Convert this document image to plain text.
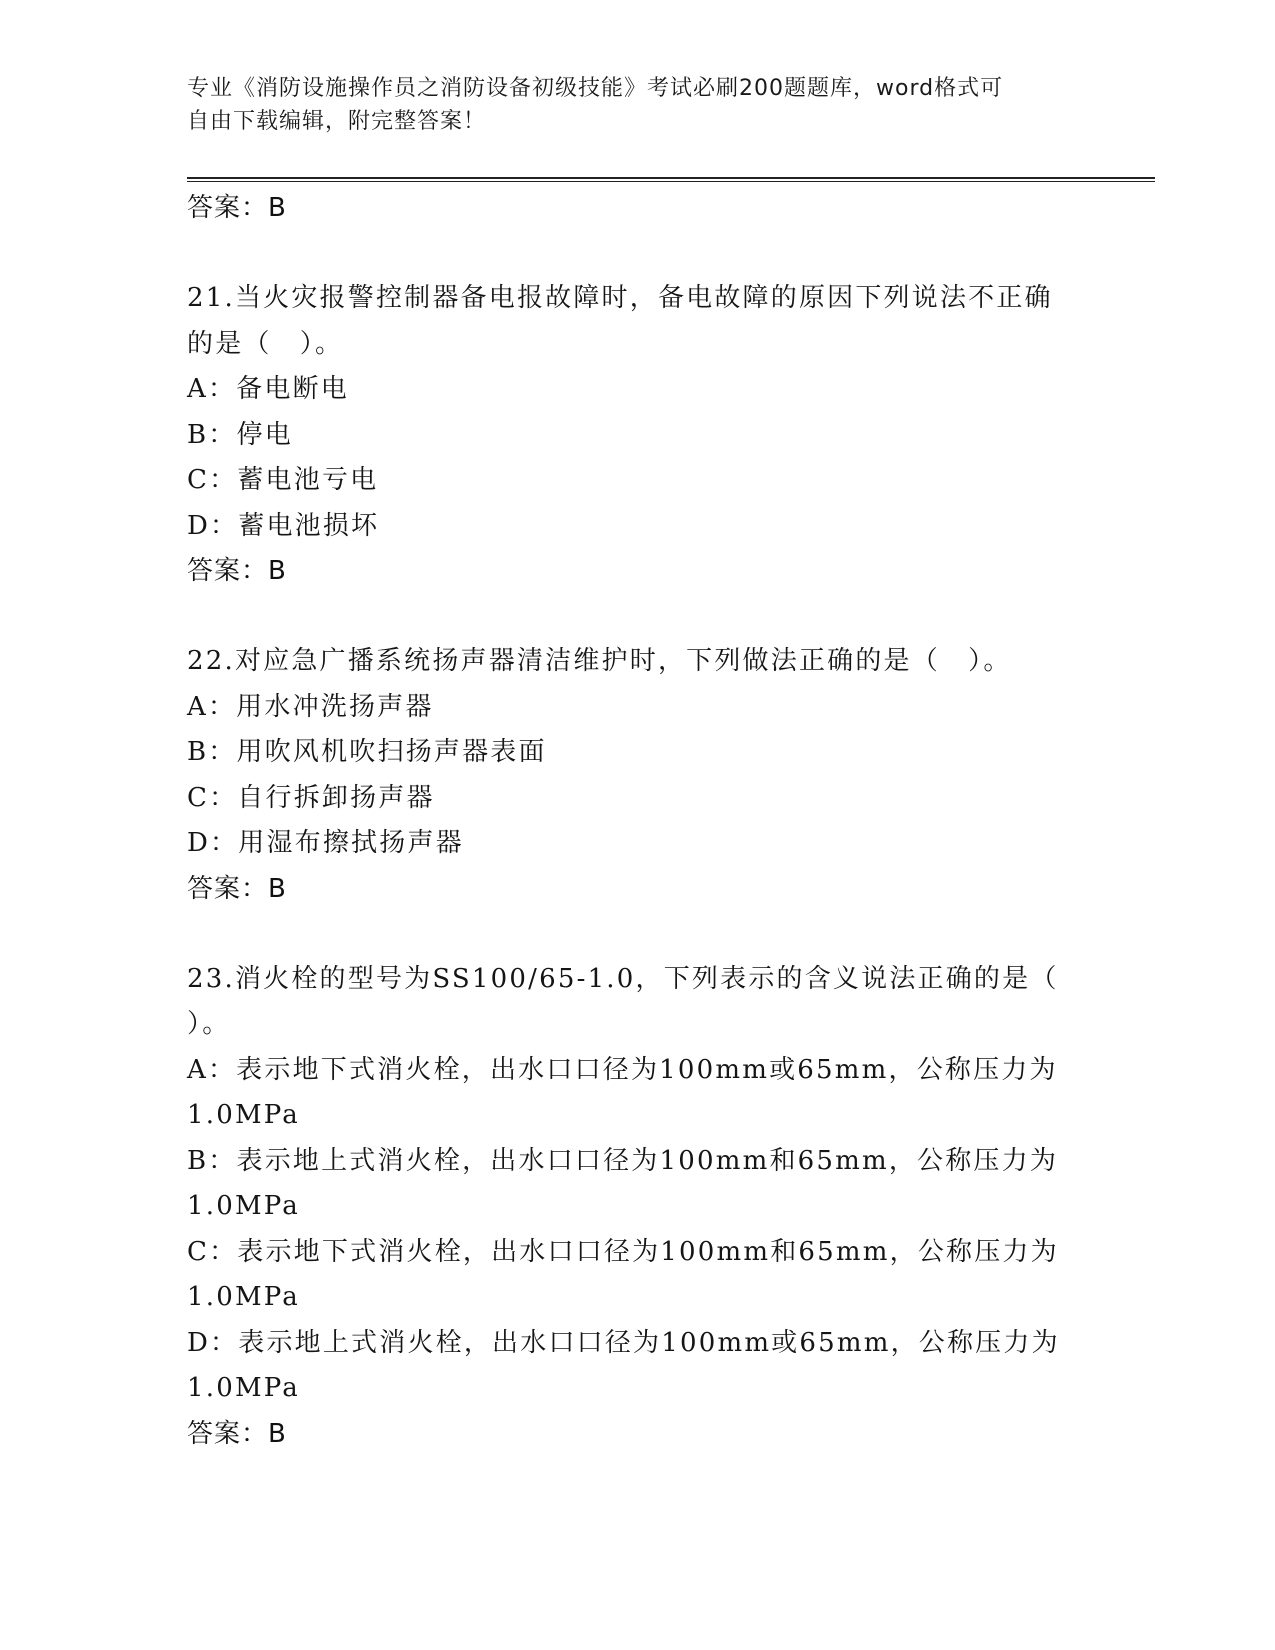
专业《消防设施操作员之消防设备初级技能》考试必刷200题题库，word格式可
自由下载编辑，附完整答案！
答案：B
21.当火灾报警控制器备电报故障时，备电故障的原因下列说法不正确
的是（　）。
A：备电断电
B：停电
C：蓄电池亏电
D：蓄电池损坏
答案：B
22.对应急广播系统扬声器清洁维护时，下列做法正确的是（　）。
A：用水冲洗扬声器
B：用吹风机吹扫扬声器表面
C：自行拆卸扬声器
D：用湿布擦拭扬声器
答案：B
23.消火栓的型号为SS100/65-1.0，下列表示的含义说法正确的是（
）。
A：表示地下式消火栓，出水口口径为100mm或65mm，公称压力为
1.0MPa
B：表示地上式消火栓，出水口口径为100mm和65mm，公称压力为
1.0MPa
C：表示地下式消火栓，出水口口径为100mm和65mm，公称压力为
1.0MPa
D：表示地上式消火栓，出水口口径为100mm或65mm，公称压力为
1.0MPa
答案：B
